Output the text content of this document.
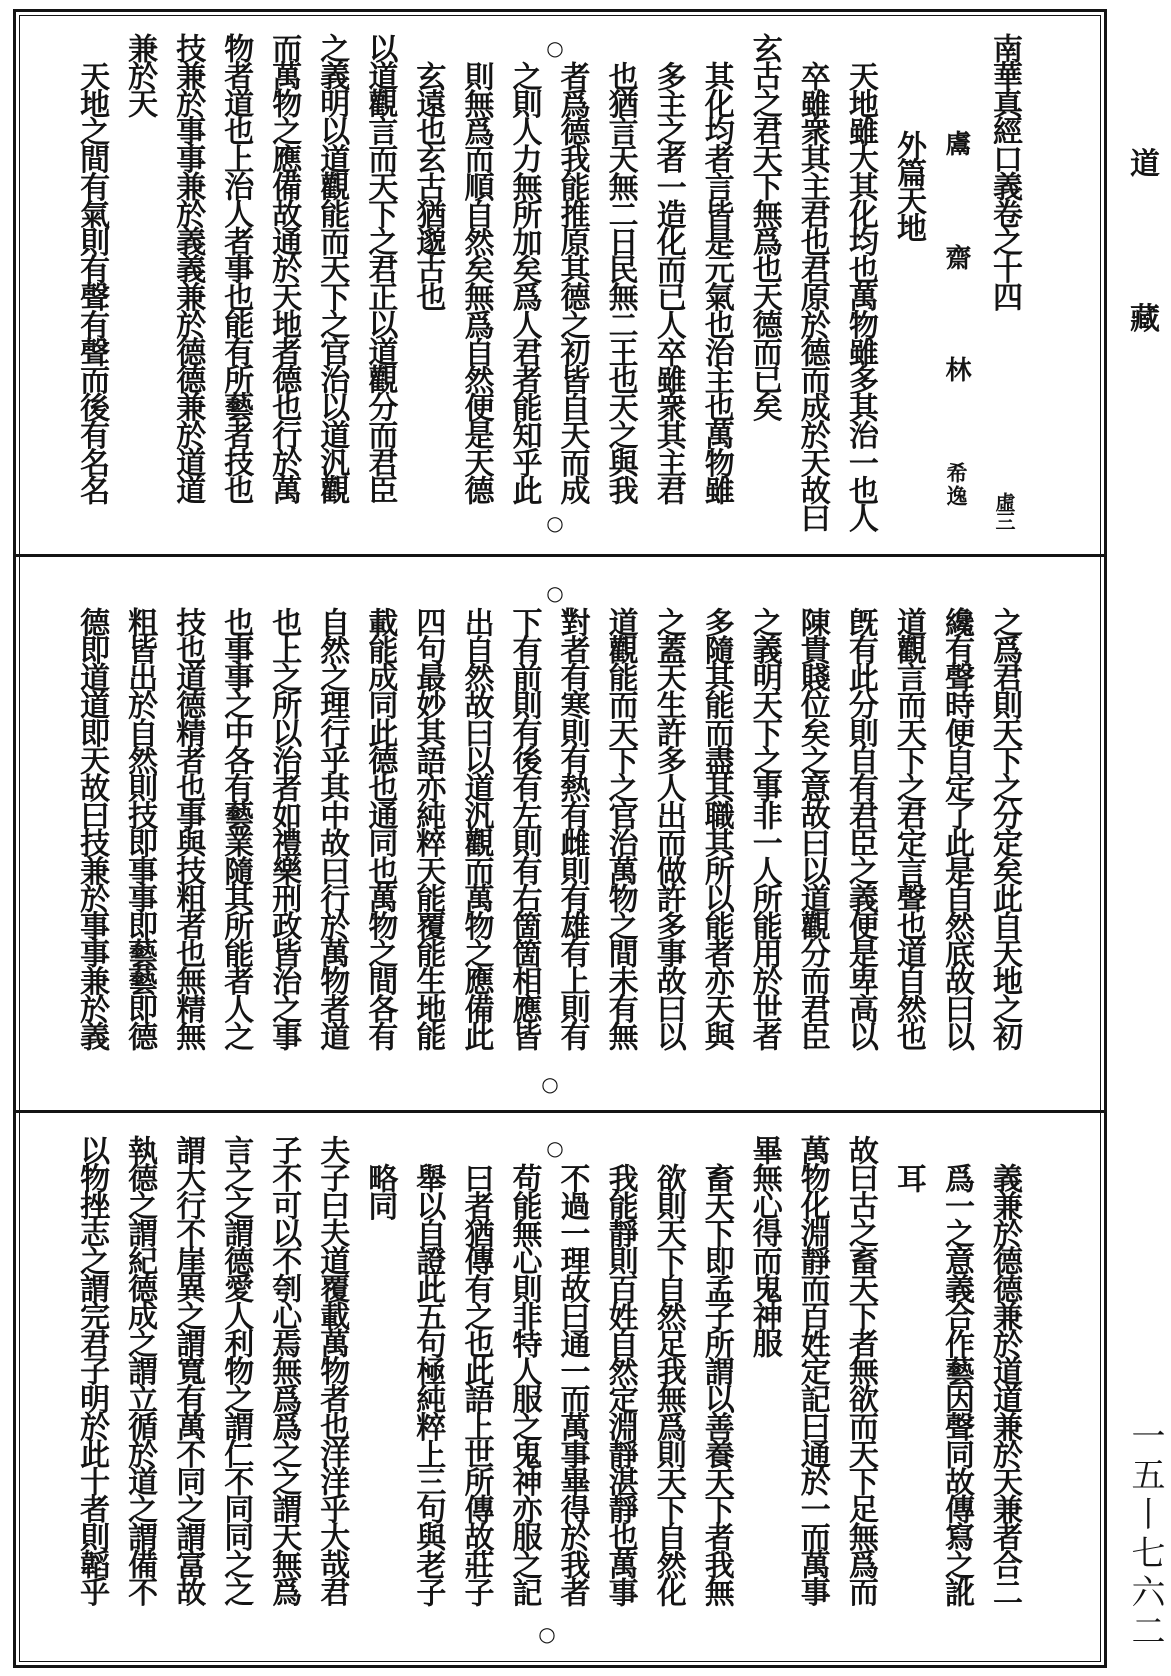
道
藏
一五丨七六二
南華真經口義卷之十四
虛三
鬳
齋
林
希逸
外篇天地
○
○
○
○
○
○
天地雖大其化均也萬物雖多其治一也人
卒雖衆其主君也君原於德而成於天故曰
玄古之君天下無爲也天德而已矣
其化均者言皆是元氣也治主也萬物雖
多主之者一造化而已人卒雖衆其主君
也猶言天無二日民無二王也天之與我
者爲德我能推原其德之初皆自天而成
之則人力無所加矣爲人君者能知乎此
則無爲而順自然矣無爲自然便是天德
玄遠也玄古猶邈古也
以道觀言而天下之君正以道觀分而君臣
之義明以道觀能而天下之官治以道汎觀
而萬物之應備故通於天地者德也行於萬
物者道也上治人者事也能有所藝者技也
技兼於事事兼於義義兼於德德兼於道道
兼於天
天地之間有氣則有聲有聲而後有名名
之爲君則天下之分定矣此自天地之初
纔有聲時便自定了此是自然底故曰以
道觀言而天下之君定言聲也道自然也
旣有此分則自有君臣之義便是卑高以
陳貴賤位矣之意故曰以道觀分而君臣
之義明天下之事非一人所能用於世者
多隨其能而盡其職其所以能者亦天與
之蓋天生許多人出而做許多事故曰以
道觀能而天下之官治萬物之間未有無
對者有寒則有熱有雌則有雄有上則有
下有前則有後有左則有右箇箇相應皆
出自然故曰以道汎觀而萬物之應備此
四句最妙其語亦純粹天能覆能生地能
載能成同此德也通同也萬物之間各有
自然之理行乎其中故曰行於萬物者道
也上之所以治者如禮樂刑政皆治之事
也事事之中各有藝業隨其所能者人之
技也道德精者也事與技粗者也無精無
粗皆出於自然則技即事事即藝藝即德
德即道道即天故曰技兼於事事兼於義
義兼於德德兼於道道兼於天兼者合二
爲一之意義合作藝因聲同故傳寫之訛
耳
故曰古之畜天下者無欲而天下足無爲而
萬物化淵靜而百姓定記曰通於一而萬事
畢無心得而鬼神服
畜天下即孟子所謂以善養天下者我無
欲則天下自然足我無爲則天下自然化
我能靜則百姓自然定淵靜湛靜也萬事
不過一理故曰通一而萬事畢得於我者
苟能無心則非特人服之鬼神亦服之記
曰者猶傳有之也此語上世所傳故莊子
舉以自證此五句極純粹上三句與老子
略同
夫子曰夫道覆載萬物者也洋洋乎大哉君
子不可以不刳心焉無爲爲之之謂天無爲
言之之謂德愛人利物之謂仁不同同之之
謂大行不崖異之謂寬有萬不同之謂富故
執德之謂紀德成之謂立循於道之謂備不
以物挫志之謂完君子明於此十者則韜乎
